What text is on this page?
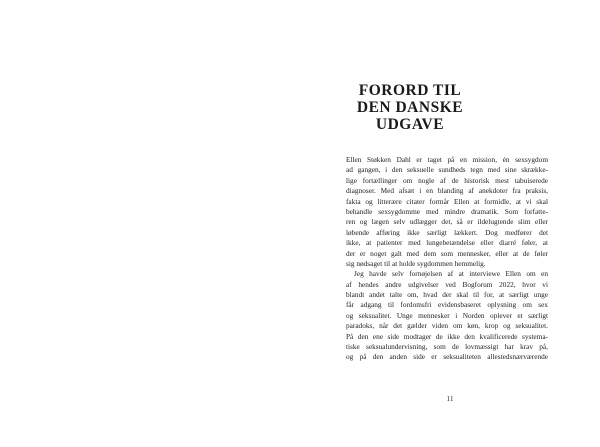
FORORD TIL
DEN DANSKE UDGAVE
Ellen Støkken Dahl er taget på en mission, én sexsygdom
ad gangen, i den seksuelle sundheds tegn med sine skrække-
lige fortællinger om nogle af de historisk mest tabuiserede
diagnoser. Med afsæt i en blanding af anekdoter fra praksis,
fakta og litterære citater formår Ellen at formidle, at vi skal
behandle sexsygdomme med mindre dramatik. Som forfatte-
ren og lægen selv udlægger det, så er ildelugtende slim eller
løbende afføring ikke særligt lækkert. Dog medfører det
ikke, at patienter med lungebetændelse eller diarré føler, at
der er noget galt med dem som mennesker, eller at de føler
sig nødsaget til at holde sygdommen hemmelig.
Jeg havde selv fornøjelsen af at interviewe Ellen om en
af hendes andre udgivelser ved Bogforum 2022, hvor vi
blandt andet talte om, hvad der skal til for, at særligt unge
får adgang til fordomsfri evidensbaseret oplysning om sex
og seksualitet. Unge mennesker i Norden oplever et særligt
paradoks, når det gælder viden om køn, krop og seksualitet.
På den ene side modtager de ikke den kvalificerede systema-
tiske seksualundervisning, som de lovmæssigt har krav på,
og på den anden side er seksualiteten allestedsnærværende
11
